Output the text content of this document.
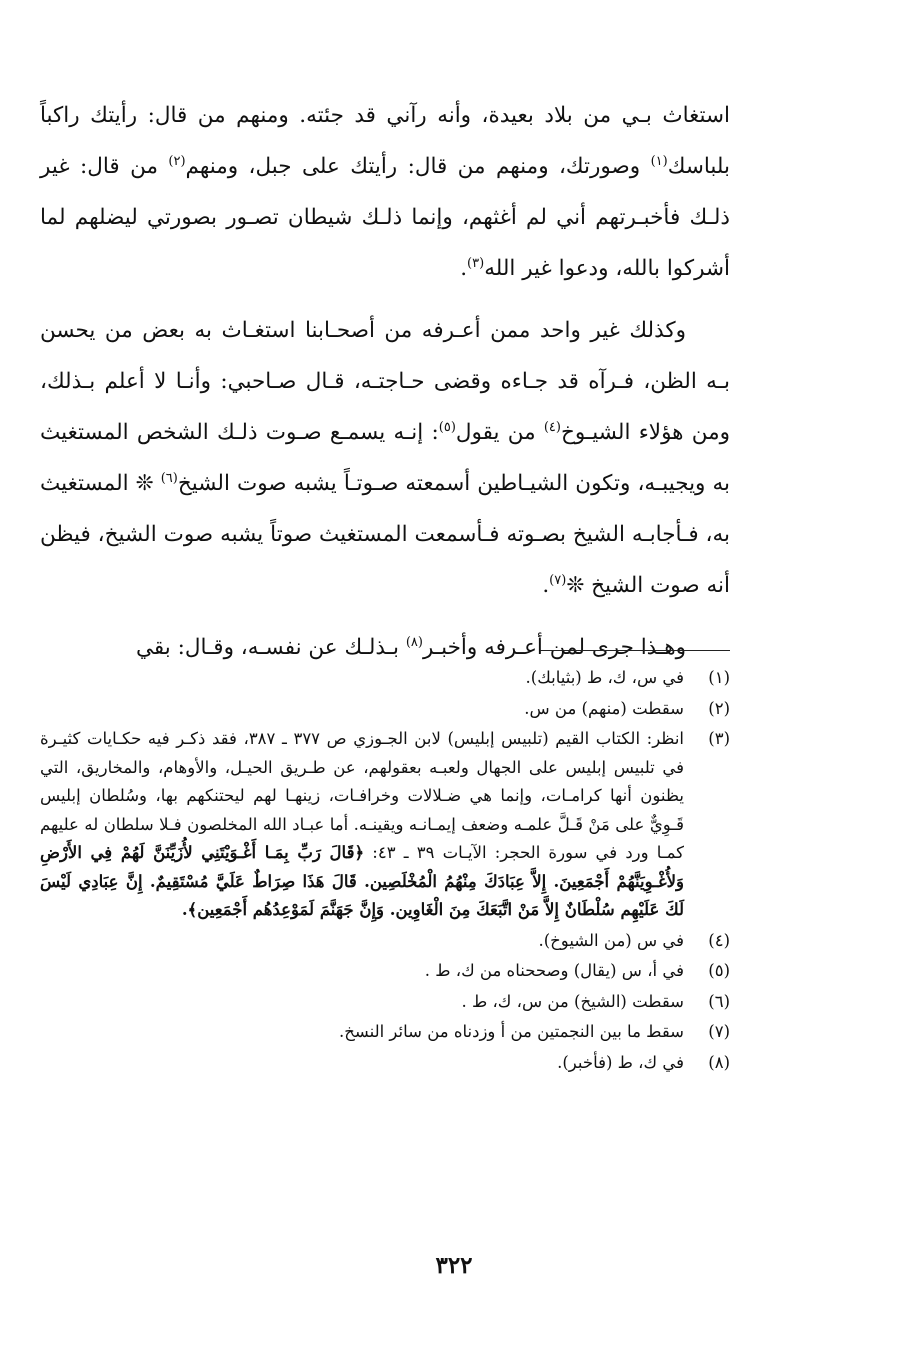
استغاث بـي من بلاد بعيدة، وأنه رآني قد جئته. ومنهم من قال: رأيتك راكباً بلباسك$^{(١)}$ وصورتك، ومنهم من قال: رأيتك على جبل، ومنهم$^{(٢)}$ من قال: غير ذلـك فأخبـرتهم أني لم أغثهم، وإنما ذلـك شيطان تصـور بصورتي ليضلهم لما أشركوا بالله، ودعوا غير الله$^{(٣)}$.

وكذلك غير واحد ممن أعـرفه من أصحـابنا استغـاث به بعض من يحسن بـه الظن، فـرآه قد جـاءه وقضى حـاجتـه، قـال صـاحبي: وأنـا لا أعلم بـذلك، ومن هؤلاء الشيـوخ$^{(٤)}$ من يقول$^{(٥)}$: إنـه يسمـع صـوت ذلـك الشخص المستغيث به ويجيبـه، وتكون الشيـاطين أسمعته صـوتـاً يشبه صوت الشيخ$^{(٦)}$ ❊ المستغيث به، فـأجابـه الشيخ بصـوته فـأسمعت المستغيث صوتاً يشبه صوت الشيخ، فيظن أنه صوت الشيخ ❊$^{(٧)}$.

وهـذا جرى لمن أعـرفه وأخبـر$^{(٨)}$ بـذلـك عن نفسـه، وقـال: بقي

(١)
في س، ك، ط (بثيابك).
(٢)
سقطت (منهم) من س.
(٣)
انظر: الكتاب القيم (تلبيس إبليس) لابن الجـوزي ص ٣٧٧ ـ ٣٨٧، فقد ذكـر فيه حكـايات كثيـرة في تلبيس إبليس على الجهال ولعبـه بعقولهم، عن طـريق الحيـل، والأوهام، والمخاريق، التي يظنون أنها كرامـات، وإنما هي ضـلالات وخرافـات، زينهـا لهم ليحتنكهم بها، وسُلطان إبليس قَـوِيٌّ على مَنْ قَـلَّ علمـه وضعف إيمـانـه ويقينـه. أما عبـاد الله المخلصون فـلا سلطان له عليهم كمـا ورد في سورة الحجر: الآيـات ٣٩ ـ ٤٣: ﴿قَالَ رَبِّ بِمَـا أَغْـوَيْتَنِي لأُزَيِّنَنَّ لَهُمْ فِي الأَرْضِ وَلأُغْـوِيَنَّهُمْ أَجْمَعِينَ. إِلاَّ عِبَادَكَ مِنْهُمُ الْمُخْلَصِين. قَالَ هَذَا صِرَاطٌ عَلَيَّ مُسْتَقِيمٌ. إِنَّ عِبَادِي لَيْسَ لَكَ عَلَيْهِم سُلْطَانٌ إِلاَّ مَنْ اتَّبَعَكَ مِنَ الْغَاوِين. وَإِنَّ جَهَنَّمَ لَمَوْعِدُهُم أَجْمَعِين﴾.
(٤)
في س (من الشيوخ).
(٥)
في أ، س (يقال) وصححناه من ك، ط .
(٦)
سقطت (الشيخ) من س، ك، ط .
(٧)
سقط ما بين النجمتين من أ وزدناه من سائر النسخ.
(٨)
في ك، ط (فأخبر).
٣٢٢
